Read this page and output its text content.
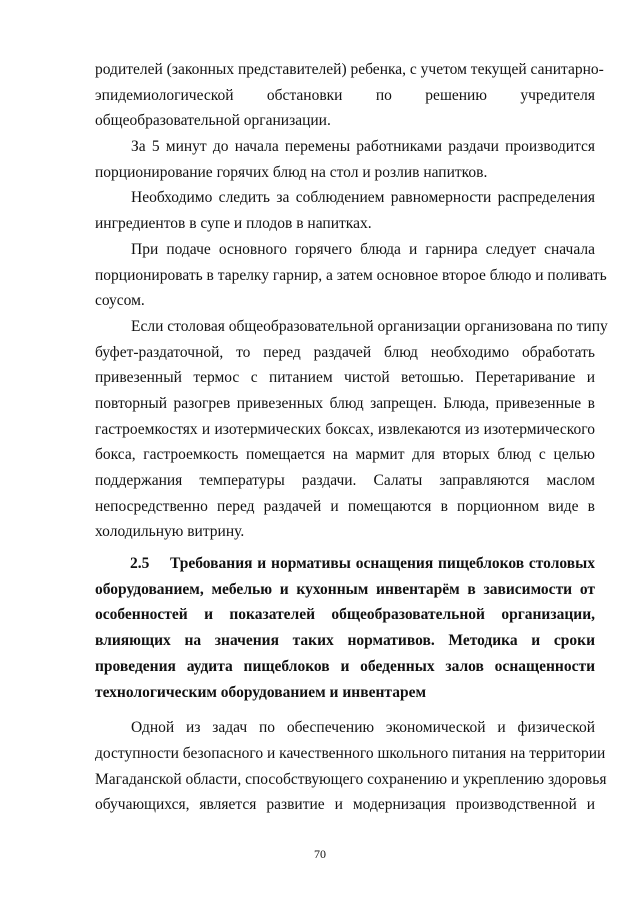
родителей (законных представителей) ребенка, с учетом текущей санитарно-
эпидемиологической обстановки по решению учредителя
общеобразовательной организации.
За 5 минут до начала перемены работниками раздачи производится
порционирование горячих блюд на стол и розлив напитков.
Необходимо следить за соблюдением равномерности распределения
ингредиентов в супе и плодов в напитках.
При подаче основного горячего блюда и гарнира следует сначала
порционировать в тарелку гарнир, а затем основное второе блюдо и поливать
соусом.
Если столовая общеобразовательной организации организована по типу
буфет-раздаточной, то перед раздачей блюд необходимо обработать
привезенный термос с питанием чистой ветошью. Перетаривание и
повторный разогрев привезенных блюд запрещен. Блюда, привезенные в
гастроемкостях и изотермических боксах, извлекаются из изотермического
бокса, гастроемкость помещается на мармит для вторых блюд с целью
поддержания температуры раздачи. Салаты заправляются маслом
непосредственно перед раздачей и помещаются в порционном виде в
холодильную витрину.
2.5 Требования и нормативы оснащения пищеблоков столовых
оборудованием, мебелью и кухонным инвентарём в зависимости от
особенностей и показателей общеобразовательной организации,
влияющих на значения таких нормативов. Методика и сроки
проведения аудита пищеблоков и обеденных залов оснащенности
технологическим оборудованием и инвентарем
Одной из задач по обеспечению экономической и физической
доступности безопасного и качественного школьного питания на территории
Магаданской области, способствующего сохранению и укреплению здоровья
обучающихся, является развитие и модернизация производственной и
70
